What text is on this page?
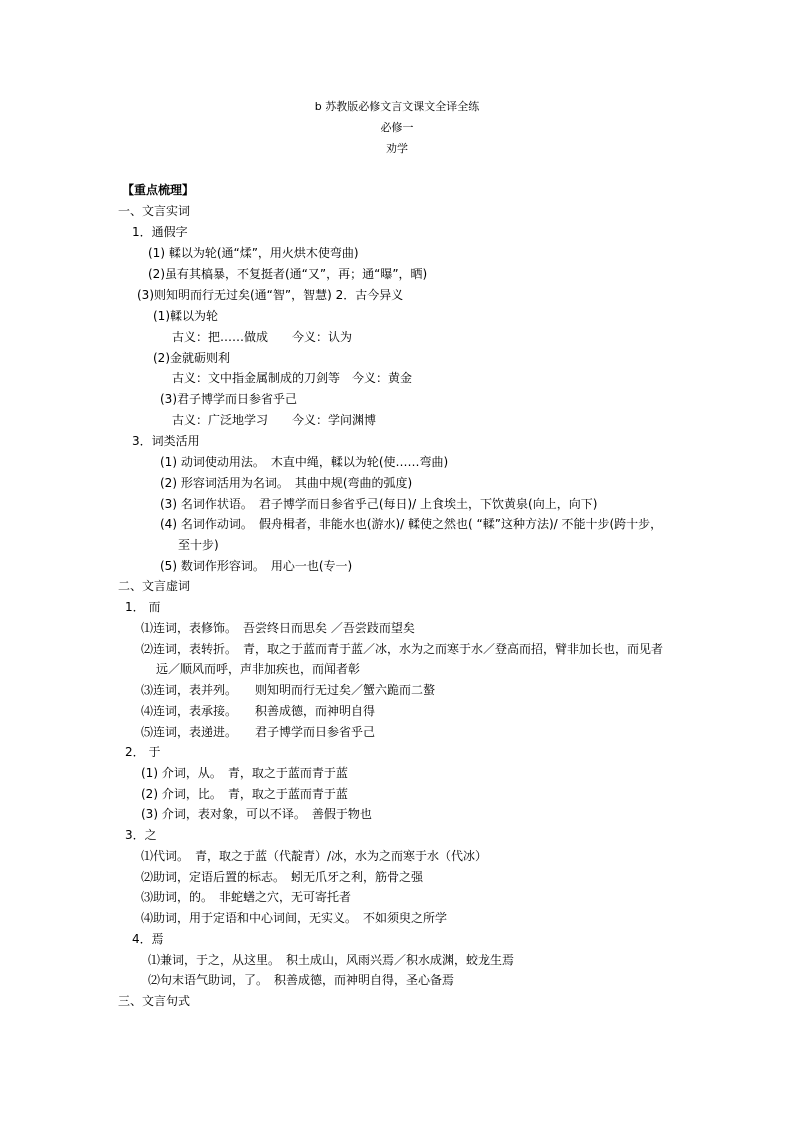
b 苏教版必修文言文课文全译全练
必修一
劝学
【重点梳理】
一、文言实词
1．通假字
(1) 輮以为轮(通“煣”，用火烘木使弯曲)
(2)虽有其槁暴，不复挺者(通“又”，再；通“曝”，晒)
(3)则知明而行无过矣(通“智”，智慧) 2．古今异义
(1)輮以为轮
古义：把……做成　　今义：认为
(2)金就砺则利
古义：文中指金属制成的刀剑等　今义：黄金
(3)君子博学而日参省乎己
古义：广泛地学习　　今义：学问渊博
3．词类活用
(1) 动词使动用法。　木直中绳，輮以为轮(使……弯曲)
(2) 形容词活用为名词。　其曲中规(弯曲的弧度)
(3) 名词作状语。　君子博学而日参省乎己(每日)/ 上食埃土，下饮黄泉(向上，向下)
(4) 名词作动词。　假舟楫者，非能水也(游水)/ 輮使之然也( “輮”这种方法)/ 不能十步(跨十步，
至十步)
(5) 数词作形容词。　用心一也(专一)
二、文言虚词
1． 而
⑴连词，表修饰。　吾尝终日而思矣 ／吾尝跂而望矣
⑵连词，表转折。　青，取之于蓝而青于蓝／冰，水为之而寒于水／登高而招，臂非加长也，而见者
远／顺风而呼，声非加疾也，而闻者彰
⑶连词，表并列。　　则知明而行无过矣／蟹六跪而二螯
⑷连词，表承接。　　积善成德，而神明自得
⑸连词，表递进。　　君子博学而日参省乎己
2． 于
(1) 介词，从。　青，取之于蓝而青于蓝
(2) 介词，比。　青，取之于蓝而青于蓝
(3) 介词，表对象，可以不译。　善假于物也
3．之
⑴代词。　青，取之于蓝（代靛青）/冰，水为之而寒于水（代冰）
⑵助词，定语后置的标志。　蚓无爪牙之利，筋骨之强
⑶助词，的。　非蛇蟮之穴，无可寄托者
⑷助词，用于定语和中心词间，无实义。　不如须臾之所学
4．焉
⑴兼词，于之，从这里。　积土成山，风雨兴焉／积水成渊，蛟龙生焉
⑵句末语气助词，了。　积善成德，而神明自得，圣心备焉
三、文言句式
